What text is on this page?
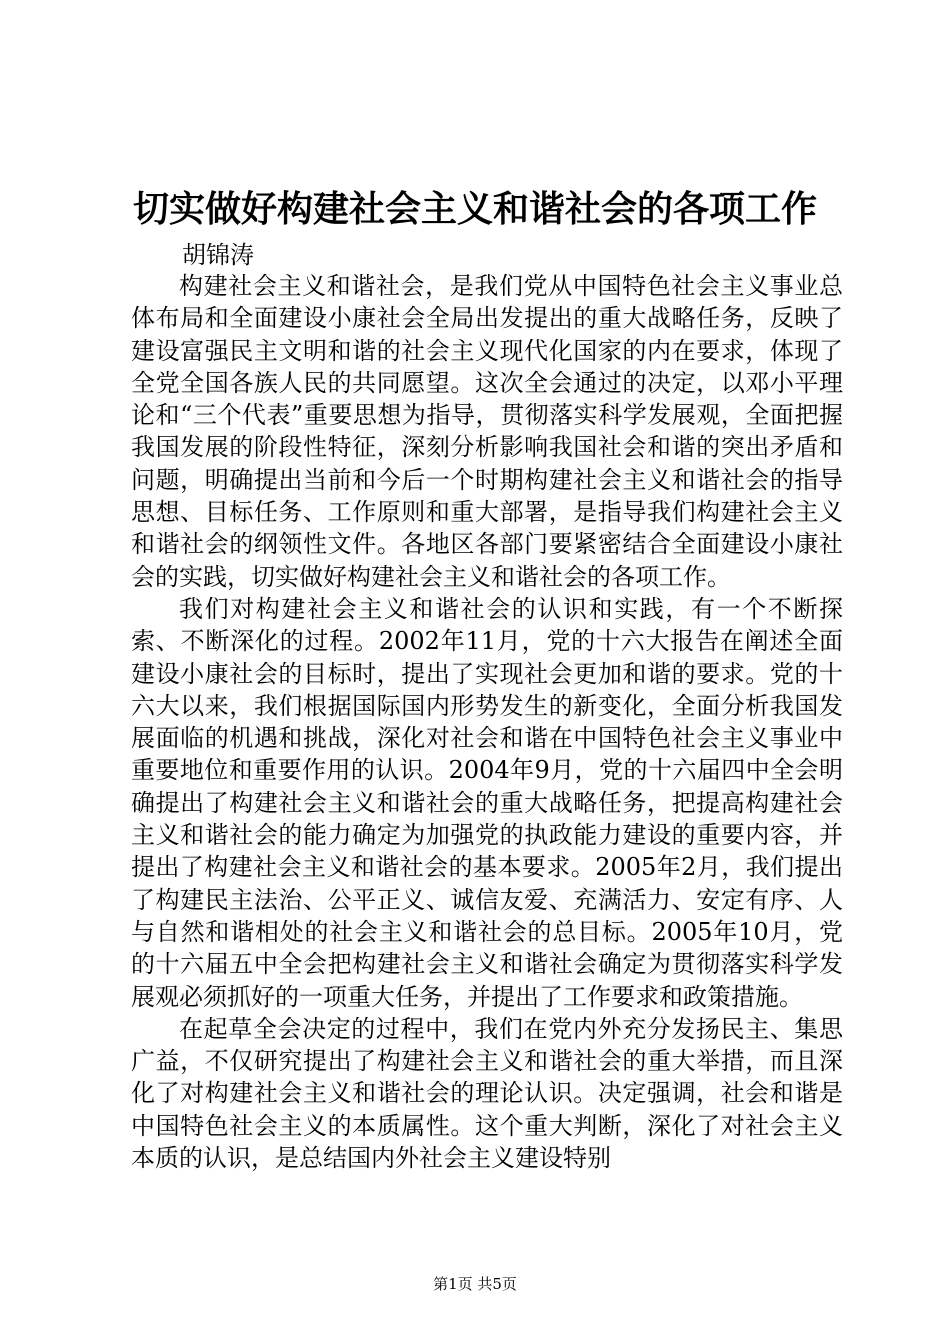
切实做好构建社会主义和谐社会的各项工作
胡锦涛

构建社会主义和谐社会，是我们党从中国特色社会主义事业总体布局和全面建设小康社会全局出发提出的重大战略任务，反映了建设富强民主文明和谐的社会主义现代化国家的内在要求，体现了全党全国各族人民的共同愿望。这次全会通过的决定，以邓小平理论和“三个代表”重要思想为指导，贯彻落实科学发展观，全面把握我国发展的阶段性特征，深刻分析影响我国社会和谐的突出矛盾和问题，明确提出当前和今后一个时期构建社会主义和谐社会的指导思想、目标任务、工作原则和重大部署，是指导我们构建社会主义和谐社会的纲领性文件。各地区各部门要紧密结合全面建设小康社会的实践，切实做好构建社会主义和谐社会的各项工作。

我们对构建社会主义和谐社会的认识和实践，有一个不断探索、不断深化的过程。2002年11月，党的十六大报告在阐述全面建设小康社会的目标时，提出了实现社会更加和谐的要求。党的十六大以来，我们根据国际国内形势发生的新变化，全面分析我国发展面临的机遇和挑战，深化对社会和谐在中国特色社会主义事业中重要地位和重要作用的认识。2004年9月，党的十六届四中全会明确提出了构建社会主义和谐社会的重大战略任务，把提高构建社会主义和谐社会的能力确定为加强党的执政能力建设的重要内容，并提出了构建社会主义和谐社会的基本要求。2005年2月，我们提出了构建民主法治、公平正义、诚信友爱、充满活力、安定有序、人与自然和谐相处的社会主义和谐社会的总目标。2005年10月，党的十六届五中全会把构建社会主义和谐社会确定为贯彻落实科学发展观必须抓好的一项重大任务，并提出了工作要求和政策措施。

在起草全会决定的过程中，我们在党内外充分发扬民主、集思广益，不仅研究提出了构建社会主义和谐社会的重大举措，而且深化了对构建社会主义和谐社会的理论认识。决定强调，社会和谐是中国特色社会主义的本质属性。这个重大判断，深化了对社会主义本质的认识，是总结国内外社会主义建设特别

第1页 共5页
